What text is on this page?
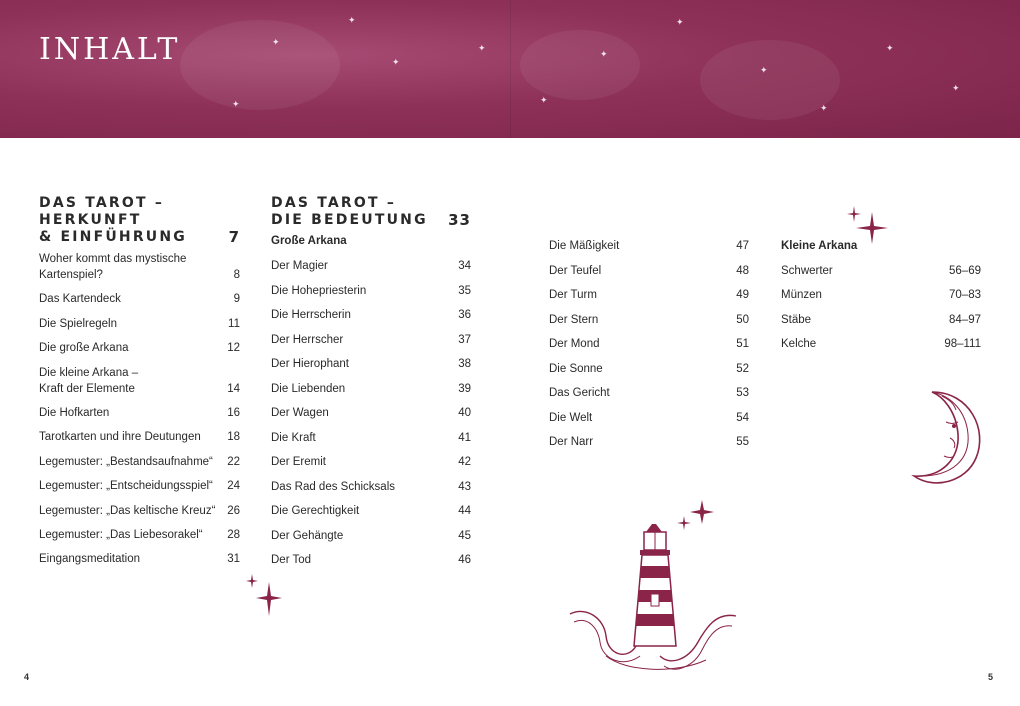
✦
✦
✦
✦	✦
✦
✦
✦
✦
✦
✦
✦
INHALT
DAS TAROT – HERKUNFT
& EINFÜHRUNG	7
Woher kommt das mystische
Kartenspiel?	8
Das Kartendeck	9
Die Spielregeln	11
Die große Arkana	12
Die kleine Arkana –
Kraft der Elemente	14
Die Hofkarten	16
Tarotkarten und ihre Deutungen	18
Legemuster: „Bestandsaufnahme“	22
Legemuster: „Entscheidungsspiel“	24
Legemuster: „Das keltische Kreuz“	26
Legemuster: „Das Liebesorakel“	28
Eingangsmeditation	31
DAS TAROT –
DIE BEDEUTUNG 33
Große Arkana
Der Magier	34
Die Hohepriesterin	35
Die Herrscherin	36
Der Herrscher	37
Der Hierophant	38
Die Liebenden	39
Der Wagen	40
Die Kraft	41
Der Eremit	42
Das Rad des Schicksals	43
Die Gerechtigkeit	44
Der Gehängte	45
Der Tod	46
Die Mäßigkeit	47
Der Teufel	48
Der Turm	49
Der Stern	50
Der Mond	51
Die Sonne	52
Das Gericht	53
Die Welt	54
Der Narr	55
Kleine Arkana
Schwerter	56–69
Münzen	70–83
Stäbe	84–97
Kelche	98–111
4	5
